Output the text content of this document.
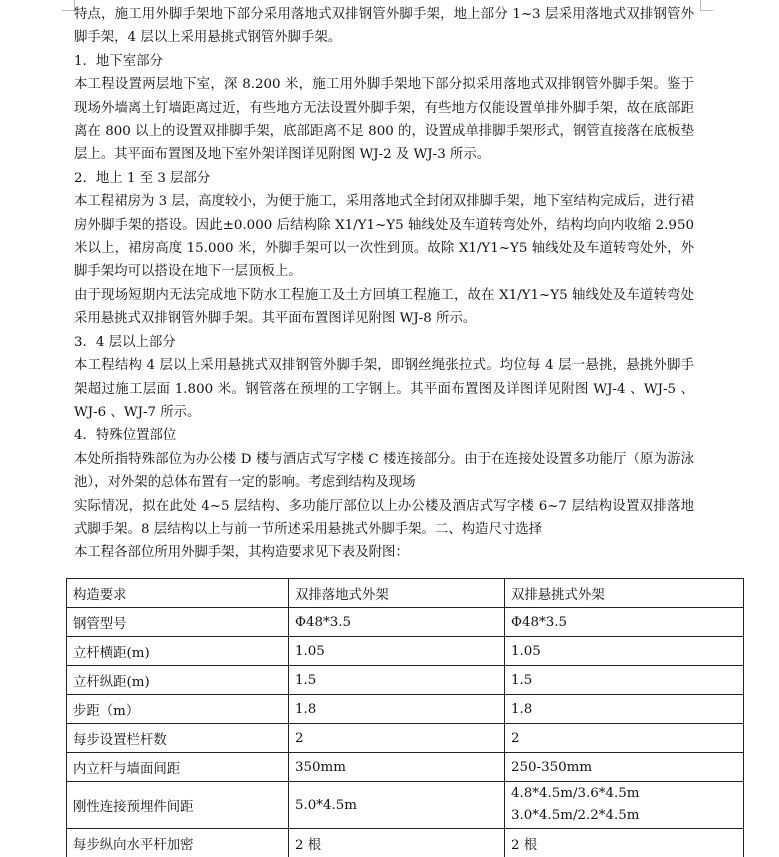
特点，施工用外脚手架地下部分采用落地式双排钢管外脚手架，地上部分 1~3 层采用落地式双排钢管外脚手架，4 层以上采用悬挑式钢管外脚手架。

1．地下室部分

本工程设置两层地下室，深 8.200 米，施工用外脚手架地下部分拟采用落地式双排钢管外脚手架。鉴于现场外墙离土钉墙距离过近，有些地方无法设置外脚手架，有些地方仅能设置单排外脚手架，故在底部距离在 800 以上的设置双排脚手架，底部距离不足 800 的，设置成单排脚手架形式，钢管直接落在底板垫层上。其平面布置图及地下室外架详图详见附图 WJ-2 及 WJ-3 所示。

2．地上 1 至 3 层部分

本工程裙房为 3 层，高度较小，为便于施工，采用落地式全封闭双排脚手架，地下室结构完成后，进行裙房外脚手架的搭设。因此±0.000 后结构除 X1/Y1~Y5 轴线处及车道转弯处外，结构均向内收缩 2.950 米以上，裙房高度 15.000 米，外脚手架可以一次性到顶。故除 X1/Y1~Y5 轴线处及车道转弯处外，外脚手架均可以搭设在地下一层顶板上。

由于现场短期内无法完成地下防水工程施工及土方回填工程施工，故在 X1/Y1~Y5 轴线处及车道转弯处采用悬挑式双排钢管外脚手架。其平面布置图详见附图 WJ-8 所示。

3．4 层以上部分

本工程结构 4 层以上采用悬挑式双排钢管外脚手架，即钢丝绳张拉式。均位每 4 层一悬挑，悬挑外脚手架超过施工层面 1.800 米。钢管落在预埋的工字钢上。其平面布置图及详图详见附图 WJ-4 、WJ-5 、WJ-6 、WJ-7 所示。

4．特殊位置部位

本处所指特殊部位为办公楼 D 楼与酒店式写字楼 C 楼连接部分。由于在连接处设置多功能厅（原为游泳池），对外架的总体布置有一定的影响。考虑到结构及现场

实际情况，拟在此处 4~5 层结构、多功能厅部位以上办公楼及酒店式写字楼 6~7 层结构设置双排落地式脚手架。8 层结构以上与前一节所述采用悬挑式外脚手架。二、构造尺寸选择

本工程各部位所用外脚手架，其构造要求见下表及附图：

构造要求	双排落地式外架	双排悬挑式外架
钢管型号	Φ48*3.5	Φ48*3.5
立杆横距(m)	1.05	1.05
立杆纵距(m)	1.5	1.5
步距（m）	1.8	1.8
每步设置栏杆数	2	2
内立杆与墙面间距	350mm	250-350mm
刚性连接预埋件间距	5.0*4.5m	4.8*4.5m/3.6*4.5m 3.0*4.5m/2.2*4.5m
每步纵向水平杆加密	2 根	2 根
